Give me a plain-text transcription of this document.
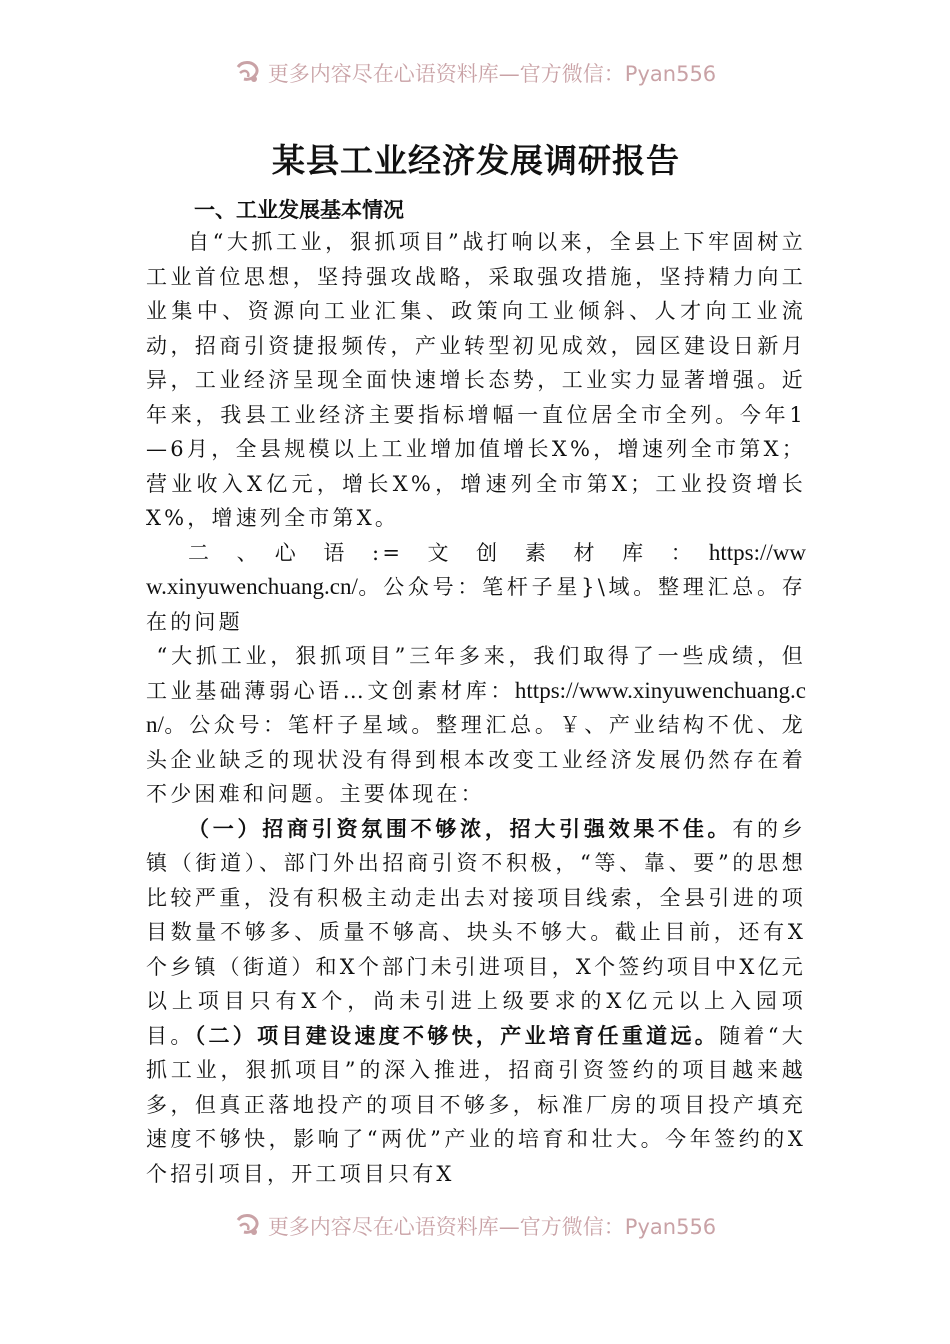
更多内容尽在心语资料库—官方微信：Pyan556
某县工业经济发展调研报告
一、工业发展基本情况

自“大抓工业，狠抓项目”战打响以来，全县上下牢固树立工业首位思想，坚持强攻战略，采取强攻措施，坚持精力向工业集中、资源向工业汇集、政策向工业倾斜、人才向工业流动，招商引资捷报频传，产业转型初见成效，园区建设日新月异，工业经济呈现全面快速增长态势，工业实力显著增强。近年来，我县工业经济主要指标增幅一直位居全市全列。今年1—6月，全县规模以上工业增加值增长X%，增速列全市第X；营业收入X亿元，增长X%，增速列全市第X；工业投资增长X%，增速列全市第X。

二　、　心　语　:=　文　创　素　材　库　：　https://www.xinyuwenchuang.cn/。公众号：笔杆子星}\域。整理汇总。存在的问题

“大抓工业，狠抓项目”三年多来，我们取得了一些成绩，但工业基础薄弱心语…文创素材库：https://www.xinyuwenchuang.cn/。公众号：笔杆子星域。整理汇总。￥、产业结构不优、龙头企业缺乏的现状没有得到根本改变工业经济发展仍然存在着不少困难和问题。主要体现在：

（一）招商引资氛围不够浓，招大引强效果不佳。有的乡镇（街道）、部门外出招商引资不积极，“等、靠、要”的思想比较严重，没有积极主动走出去对接项目线索，全县引进的项目数量不够多、质量不够高、块头不够大。截止目前，还有X个乡镇（街道）和X个部门未引进项目，X个签约项目中X亿元以上项目只有X个，尚未引进上级要求的X亿元以上入园项目。（二）项目建设速度不够快，产业培育任重道远。随着“大抓工业，狠抓项目”的深入推进，招商引资签约的项目越来越多，但真正落地投产的项目不够多，标准厂房的项目投产填充速度不够快，影响了“两优”产业的培育和壮大。今年签约的X个招引项目，开工项目只有X

更多内容尽在心语资料库—官方微信：Pyan556
